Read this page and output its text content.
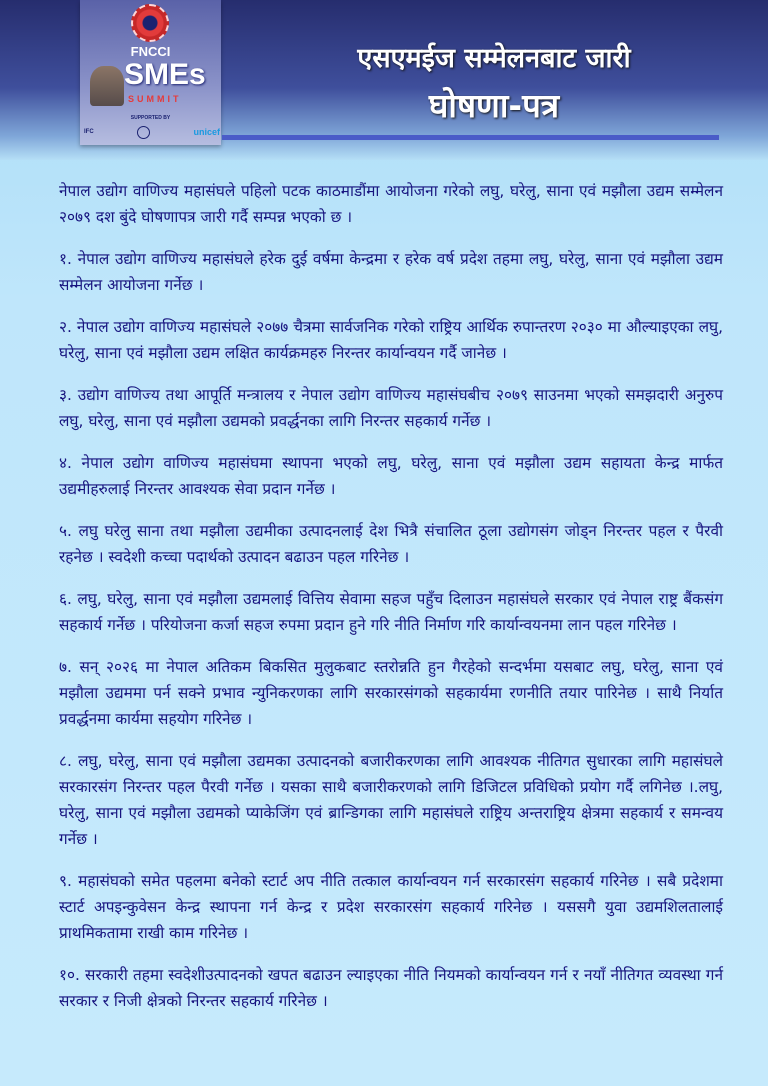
FNCCI
SMEs
SUMMIT
SUPPORTED BY
IFC	unicef
एसएमईज सम्मेलनबाट जारी
घोषणा-पत्र

नेपाल उद्योग वाणिज्य महासंघले पहिलो पटक काठमाडौंमा आयोजना गरेको लघु, घरेलु, साना एवं मझौला उद्यम सम्मेलन २०७९ दश बुंदे घोषणापत्र जारी गर्दै सम्पन्न भएको छ ।

१. नेपाल उद्योग वाणिज्य महासंघले हरेक दुई वर्षमा केन्द्रमा र हरेक वर्ष प्रदेश तहमा लघु, घरेलु, साना एवं मझौला उद्यम सम्मेलन आयोजना गर्नेछ ।

२. नेपाल उद्योग वाणिज्य महासंघले २०७७ चैत्रमा सार्वजनिक गरेको राष्ट्रिय आर्थिक रुपान्तरण २०३० मा औल्याइएका लघु, घरेलु, साना एवं मझौला उद्यम लक्षित कार्यक्रमहरु निरन्तर कार्यान्वयन गर्दै जानेछ ।

३. उद्योग वाणिज्य तथा आपूर्ति मन्त्रालय र नेपाल उद्योग वाणिज्य महासंघबीच २०७९ साउनमा भएको समझदारी अनुरुप लघु, घरेलु, साना एवं मझौला उद्यमको प्रवर्द्धनका लागि निरन्तर सहकार्य गर्नेछ ।

४. नेपाल उद्योग वाणिज्य महासंघमा स्थापना भएको लघु, घरेलु, साना एवं मझौला उद्यम सहायता केन्द्र मार्फत उद्यमीहरुलाई निरन्तर आवश्यक सेवा प्रदान गर्नेछ ।

५. लघु घरेलु साना तथा मझौला उद्यमीका उत्पादनलाई देश भित्रै संचालित ठूला उद्योगसंग जोड्न निरन्तर पहल र पैरवी रहनेछ । स्वदेशी कच्चा पदार्थको उत्पादन बढाउन पहल गरिनेछ ।

६. लघु, घरेलु, साना एवं मझौला उद्यमलाई वित्तिय सेवामा सहज पहुँच दिलाउन महासंघले सरकार एवं नेपाल राष्ट्र बैंकसंग सहकार्य गर्नेछ । परियोजना कर्जा सहज रुपमा प्रदान हुने गरि नीति निर्माण गरि कार्यान्वयनमा लान पहल गरिनेछ ।

७. सन् २०२६ मा नेपाल अतिकम बिकसित मुलुकबाट स्तरोन्नति हुन गैरहेको सन्दर्भमा यसबाट लघु, घरेलु, साना एवं मझौला उद्यममा पर्न सक्ने प्रभाव न्युनिकरणका लागि सरकारसंगको सहकार्यमा रणनीति तयार पारिनेछ । साथै निर्यात प्रवर्द्धनमा कार्यमा सहयोग गरिनेछ ।

८. लघु, घरेलु, साना एवं मझौला उद्यमका उत्पादनको बजारीकरणका लागि आवश्यक नीतिगत सुधारका लागि महासंघले सरकारसंग निरन्तर पहल पैरवी गर्नेछ । यसका साथै बजारीकरणको लागि डिजिटल प्रविधिको प्रयोग गर्दै लगिनेछ ।.लघु, घरेलु, साना एवं मझौला उद्यमको प्याकेजिंग एवं ब्रान्डिगका लागि महासंघले राष्ट्रिय अन्तराष्ट्रिय क्षेत्रमा सहकार्य र समन्वय गर्नेछ ।

९. महासंघको समेत पहलमा बनेको स्टार्ट अप नीति तत्काल कार्यान्वयन गर्न सरकारसंग सहकार्य गरिनेछ । सबै प्रदेशमा स्टार्ट अपइन्कुवेसन केन्द्र स्थापना गर्न केन्द्र र प्रदेश सरकारसंग सहकार्य गरिनेछ । यससगै युवा उद्यमशिलतालाई प्राथमिकतामा राखी काम गरिनेछ ।

१०. सरकारी तहमा स्वदेशीउत्पादनको खपत बढाउन ल्याइएका नीति नियमको कार्यान्वयन गर्न र नयाँ नीतिगत व्यवस्था गर्न सरकार र निजी क्षेत्रको निरन्तर सहकार्य गरिनेछ ।
